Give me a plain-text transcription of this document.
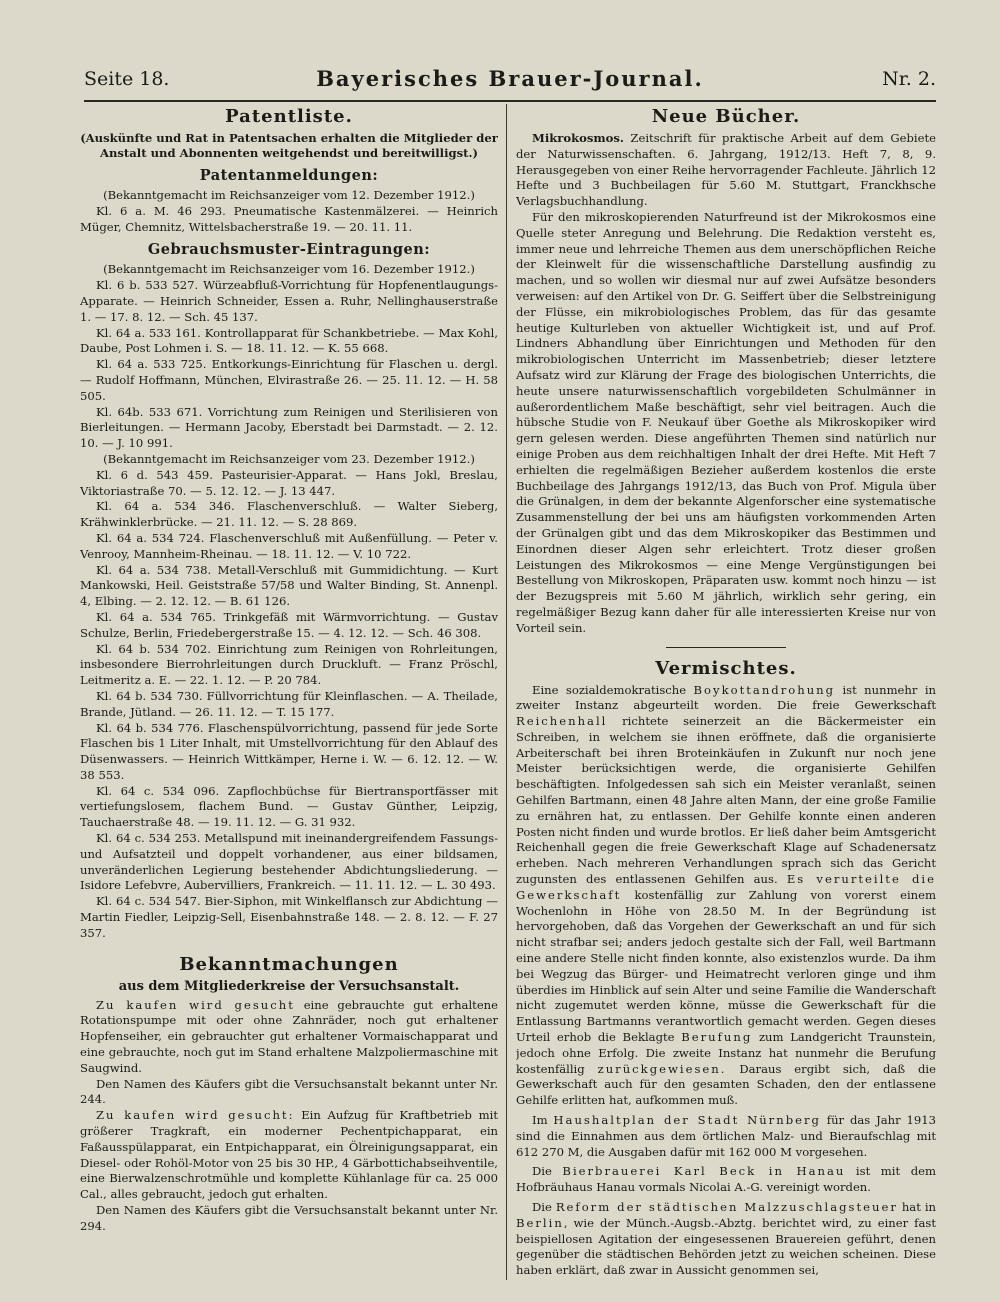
Seite 18.	Bayerisches Brauer-Journal.	Nr. 2.
Patentliste.
(Auskünfte und Rat in Patentsachen erhalten die Mitglieder der Anstalt und Abonnenten weitgehendst und bereitwilligst.)
Patentanmeldungen:

(Bekanntgemacht im Reichsanzeiger vom 12. Dezember 1912.)

Kl. 6 a. M. 46 293. Pneumatische Kastenmälzerei. — Heinrich Müger, Chemnitz, Wittelsbacherstraße 19. — 20. 11. 11.

Gebrauchsmuster-Eintragungen:

(Bekanntgemacht im Reichsanzeiger vom 16. Dezember 1912.)

Kl. 6 b. 533 527. Würzeabfluß-Vorrichtung für Hopfenentlaugungs-Apparate. — Heinrich Schneider, Essen a. Ruhr, Nellinghauserstraße 1. — 17. 8. 12. — Sch. 45 137.

Kl. 64 a. 533 161. Kontrollapparat für Schankbetriebe. — Max Kohl, Daube, Post Lohmen i. S. — 18. 11. 12. — K. 55 668.

Kl. 64 a. 533 725. Entkorkungs-Einrichtung für Flaschen u. dergl. — Rudolf Hoffmann, München, Elvirastraße 26. — 25. 11. 12. — H. 58 505.

Kl. 64b. 533 671. Vorrichtung zum Reinigen und Sterilisieren von Bierleitungen. — Hermann Jacoby, Eberstadt bei Darmstadt. — 2. 12. 10. — J. 10 991.

(Bekanntgemacht im Reichsanzeiger vom 23. Dezember 1912.)

Kl. 6 d. 543 459. Pasteurisier-Apparat. — Hans Jokl, Breslau, Viktoriastraße 70. — 5. 12. 12. — J. 13 447.

Kl. 64 a. 534 346. Flaschenverschluß. — Walter Sieberg, Krähwinklerbrücke. — 21. 11. 12. — S. 28 869.

Kl. 64 a. 534 724. Flaschenverschluß mit Außenfüllung. — Peter v. Venrooy, Mannheim-Rheinau. — 18. 11. 12. — V. 10 722.

Kl. 64 a. 534 738. Metall-Verschluß mit Gummidichtung. — Kurt Mankowski, Heil. Geiststraße 57/58 und Walter Binding, St. Annenpl. 4, Elbing. — 2. 12. 12. — B. 61 126.

Kl. 64 a. 534 765. Trinkgefäß mit Wärmvorrichtung. — Gustav Schulze, Berlin, Friedebergerstraße 15. — 4. 12. 12. — Sch. 46 308.

Kl. 64 b. 534 702. Einrichtung zum Reinigen von Rohrleitungen, insbesondere Bierrohrleitungen durch Druckluft. — Franz Pröschl, Leitmeritz a. E. — 22. 1. 12. — P. 20 784.

Kl. 64 b. 534 730. Füllvorrichtung für Kleinflaschen. — A. Theilade, Brande, Jütland. — 26. 11. 12. — T. 15 177.

Kl. 64 b. 534 776. Flaschenspülvorrichtung, passend für jede Sorte Flaschen bis 1 Liter Inhalt, mit Umstellvorrichtung für den Ablauf des Düsenwassers. — Heinrich Wittkämper, Herne i. W. — 6. 12. 12. — W. 38 553.

Kl. 64 c. 534 096. Zapflochbüchse für Biertransportfässer mit vertiefungslosem, flachem Bund. — Gustav Günther, Leipzig, Tauchaerstraße 48. — 19. 11. 12. — G. 31 932.

Kl. 64 c. 534 253. Metallspund mit ineinandergreifendem Fassungs- und Aufsatzteil und doppelt vorhandener, aus einer bildsamen, unveränderlichen Legierung bestehender Abdichtungsliederung. — Isidore Lefebvre, Aubervilliers, Frankreich. — 11. 11. 12. — L. 30 493.

Kl. 64 c. 534 547. Bier-Siphon, mit Winkelflansch zur Abdichtung — Martin Fiedler, Leipzig-Sell, Eisenbahnstraße 148. — 2. 8. 12. — F. 27 357.

Bekanntmachungen
aus dem Mitgliederkreise der Versuchsanstalt.

Zu kaufen wird gesucht eine gebrauchte gut erhaltene Rotationspumpe mit oder ohne Zahnräder, noch gut erhaltener Hopfenseiher, ein gebrauchter gut erhaltener Vormaischapparat und eine gebrauchte, noch gut im Stand erhaltene Malzpoliermaschine mit Saugwind.

Den Namen des Käufers gibt die Versuchsanstalt bekannt unter Nr. 244.

Zu kaufen wird gesucht: Ein Aufzug für Kraftbetrieb mit größerer Tragkraft, ein moderner Pechentpichapparat, ein Faßausspülapparat, ein Entpichapparat, ein Ölreinigungsapparat, ein Diesel- oder Rohöl-Motor von 25 bis 30 HP., 4 Gärbottichabseihventile, eine Bierwalzenschrotmühle und komplette Kühlanlage für ca. 25 000 Cal., alles gebraucht, jedoch gut erhalten.

Den Namen des Käufers gibt die Versuchsanstalt bekannt unter Nr. 294.

Neue Bücher.

Mikrokosmos. Zeitschrift für praktische Arbeit auf dem Gebiete der Naturwissenschaften. 6. Jahrgang, 1912/13. Heft 7, 8, 9. Herausgegeben von einer Reihe hervorragender Fachleute. Jährlich 12 Hefte und 3 Buchbeilagen für 5.60 M. Stuttgart, Franckhsche Verlagsbuchhandlung.

Für den mikroskopierenden Naturfreund ist der Mikrokosmos eine Quelle steter Anregung und Belehrung. Die Redaktion versteht es, immer neue und lehrreiche Themen aus dem unerschöpflichen Reiche der Kleinwelt für die wissenschaftliche Darstellung ausfindig zu machen, und so wollen wir diesmal nur auf zwei Aufsätze besonders verweisen: auf den Artikel von Dr. G. Seiffert über die Selbstreinigung der Flüsse, ein mikrobiologisches Problem, das für das gesamte heutige Kulturleben von aktueller Wichtigkeit ist, und auf Prof. Lindners Abhandlung über Einrichtungen und Methoden für den mikrobiologischen Unterricht im Massenbetrieb; dieser letztere Aufsatz wird zur Klärung der Frage des biologischen Unterrichts, die heute unsere naturwissenschaftlich vorgebildeten Schulmänner in außerordentlichem Maße beschäftigt, sehr viel beitragen. Auch die hübsche Studie von F. Neukauf über Goethe als Mikroskopiker wird gern gelesen werden. Diese angeführten Themen sind natürlich nur einige Proben aus dem reichhaltigen Inhalt der drei Hefte. Mit Heft 7 erhielten die regelmäßigen Bezieher außerdem kostenlos die erste Buchbeilage des Jahrgangs 1912/13, das Buch von Prof. Migula über die Grünalgen, in dem der bekannte Algenforscher eine systematische Zusammenstellung der bei uns am häufigsten vorkommenden Arten der Grünalgen gibt und das dem Mikroskopiker das Bestimmen und Einordnen dieser Algen sehr erleichtert. Trotz dieser großen Leistungen des Mikrokosmos — eine Menge Vergünstigungen bei Bestellung von Mikroskopen, Präparaten usw. kommt noch hinzu — ist der Bezugspreis mit 5.60 M jährlich, wirklich sehr gering, ein regelmäßiger Bezug kann daher für alle interessierten Kreise nur von Vorteil sein.

Vermischtes.

Eine sozialdemokratische Boykottandrohung ist nunmehr in zweiter Instanz abgeurteilt worden. Die freie Gewerkschaft Reichenhall richtete seinerzeit an die Bäckermeister ein Schreiben, in welchem sie ihnen eröffnete, daß die organisierte Arbeiterschaft bei ihren Broteinkäufen in Zukunft nur noch jene Meister berücksichtigen werde, die organisierte Gehilfen beschäftigten. Infolgedessen sah sich ein Meister veranlaßt, seinen Gehilfen Bartmann, einen 48 Jahre alten Mann, der eine große Familie zu ernähren hat, zu entlassen. Der Gehilfe konnte einen anderen Posten nicht finden und wurde brotlos. Er ließ daher beim Amtsgericht Reichenhall gegen die freie Gewerkschaft Klage auf Schadenersatz erheben. Nach mehreren Verhandlungen sprach sich das Gericht zugunsten des entlassenen Gehilfen aus. Es verurteilte die Gewerkschaft kostenfällig zur Zahlung von vorerst einem Wochenlohn in Höhe von 28.50 M. In der Begründung ist hervorgehoben, daß das Vorgehen der Gewerkschaft an und für sich nicht strafbar sei; anders jedoch gestalte sich der Fall, weil Bartmann eine andere Stelle nicht finden konnte, also existenzlos wurde. Da ihm bei Wegzug das Bürger- und Heimatrecht verloren ginge und ihm überdies im Hinblick auf sein Alter und seine Familie die Wanderschaft nicht zugemutet werden könne, müsse die Gewerkschaft für die Entlassung Bartmanns verantwortlich gemacht werden. Gegen dieses Urteil erhob die Beklagte Berufung zum Landgericht Traunstein, jedoch ohne Erfolg. Die zweite Instanz hat nunmehr die Berufung kostenfällig zurückgewiesen. Daraus ergibt sich, daß die Gewerkschaft auch für den gesamten Schaden, den der entlassene Gehilfe erlitten hat, aufkommen muß.

Im Haushaltplan der Stadt Nürnberg für das Jahr 1913 sind die Einnahmen aus dem örtlichen Malz- und Bieraufschlag mit 612 270 M, die Ausgaben dafür mit 162 000 M vorgesehen.

Die Bierbrauerei Karl Beck in Hanau ist mit dem Hofbräuhaus Hanau vormals Nicolai A.-G. vereinigt worden.

Die Reform der städtischen Malzzuschlagsteuer hat in Berlin, wie der Münch.-Augsb.-Abztg. berichtet wird, zu einer fast beispiellosen Agitation der eingesessenen Brauereien geführt, denen gegenüber die städtischen Behörden jetzt zu weichen scheinen. Diese haben erklärt, daß zwar in Aussicht genommen sei,
